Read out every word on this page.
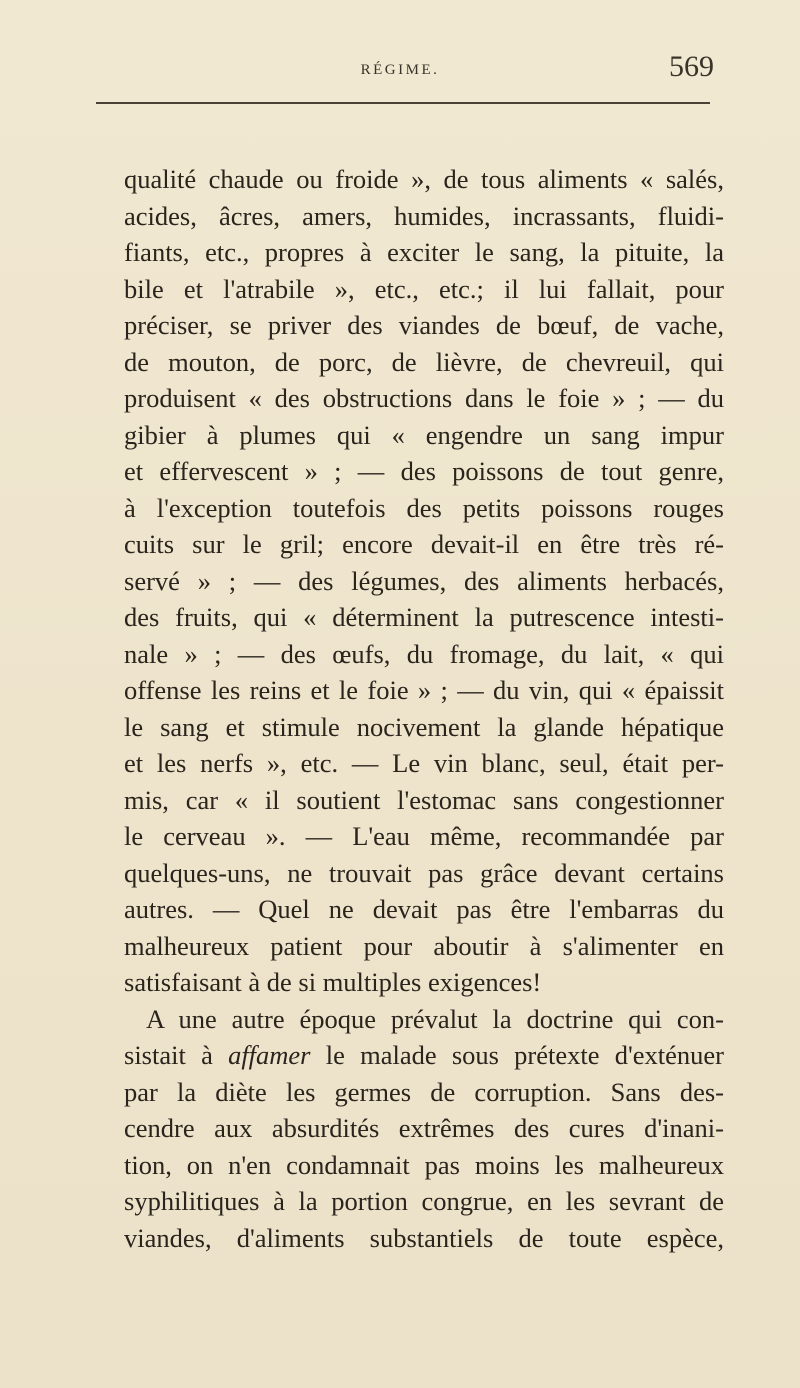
RÉGIME.	569
qualité chaude ou froide », de tous aliments « salés,
acides, âcres, amers, humides, incrassants, fluidi-
fiants, etc., propres à exciter le sang, la pituite, la
bile et l'atrabile », etc., etc.; il lui fallait, pour
préciser, se priver des viandes de bœuf, de vache,
de mouton, de porc, de lièvre, de chevreuil, qui
produisent « des obstructions dans le foie » ; — du
gibier à plumes qui « engendre un sang impur
et effervescent » ; — des poissons de tout genre,
à l'exception toutefois des petits poissons rouges
cuits sur le gril; encore devait-il en être très ré-
servé » ; — des légumes, des aliments herbacés,
des fruits, qui « déterminent la putrescence intesti-
nale » ; — des œufs, du fromage, du lait, « qui
offense les reins et le foie » ; — du vin, qui « épaissit
le sang et stimule nocivement la glande hépatique
et les nerfs », etc. — Le vin blanc, seul, était per-
mis, car « il soutient l'estomac sans congestionner
le cerveau ». — L'eau même, recommandée par
quelques-uns, ne trouvait pas grâce devant certains
autres. — Quel ne devait pas être l'embarras du
malheureux patient pour aboutir à s'alimenter en
satisfaisant à de si multiples exigences!
A une autre époque prévalut la doctrine qui con-
sistait à affamer le malade sous prétexte d'exténuer
par la diète les germes de corruption. Sans des-
cendre aux absurdités extrêmes des cures d'inani-
tion, on n'en condamnait pas moins les malheureux
syphilitiques à la portion congrue, en les sevrant de
viandes, d'aliments substantiels de toute espèce,
